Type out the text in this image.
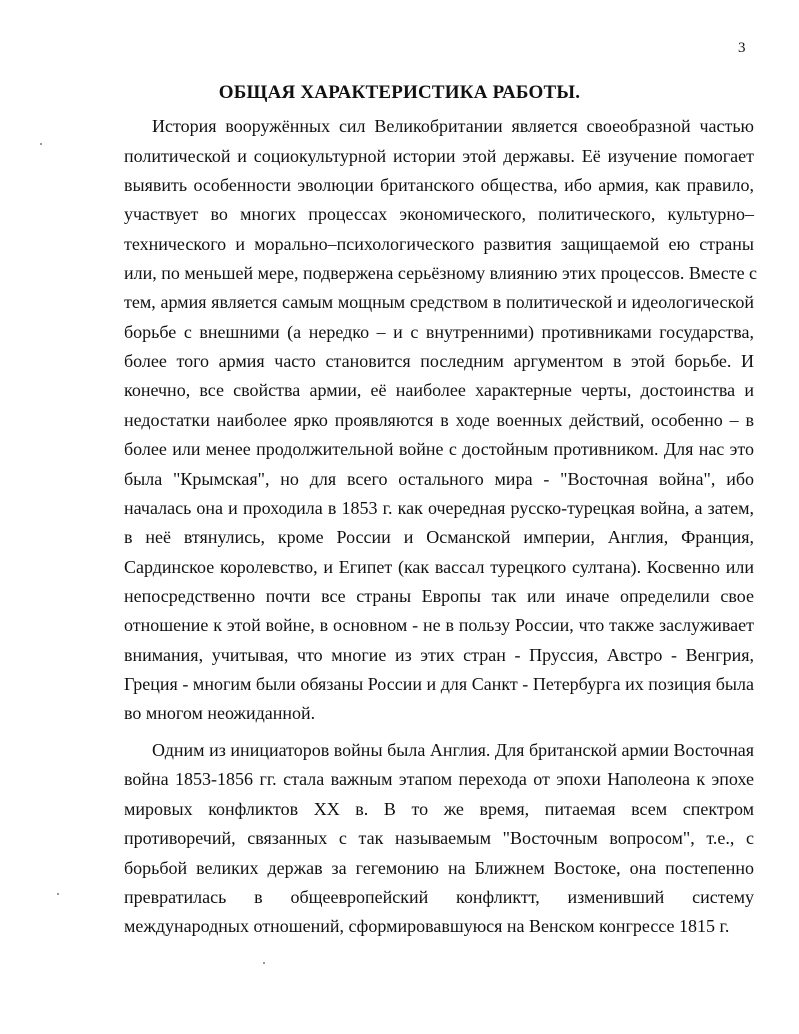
3
ОБЩАЯ ХАРАКТЕРИСТИКА РАБОТЫ.
История вооружённых сил Великобритании является своеобразной частью
политической и социокультурной истории этой державы. Её изучение помогает
выявить особенности эволюции британского общества, ибо армия, как правило,
участвует во многих процессах экономического, политического, культурно–
технического и морально–психологического развития защищаемой ею страны
или, по меньшей мере, подвержена серьёзному влиянию этих процессов. Вместе с
тем, армия является самым мощным средством в политической и идеологической
борьбе с внешними (а нередко – и с внутренними) противниками государства,
более того армия часто становится последним аргументом в этой борьбе. И
конечно, все свойства армии, её наиболее характерные черты, достоинства и
недостатки наиболее ярко проявляются в ходе военных действий, особенно – в
более или менее продолжительной войне с достойным противником. Для нас это
была "Крымская", но для всего остального мира - "Восточная война", ибо
началась она и проходила в 1853 г. как очередная русско-турецкая война, а затем,
в неё втянулись, кроме России и Османской империи, Англия, Франция,
Сардинское королевство, и Египет (как вассал турецкого султана). Косвенно или
непосредственно почти все страны Европы так или иначе определили свое
отношение к этой войне, в основном - не в пользу России, что также заслуживает
внимания, учитывая, что многие из этих стран - Пруссия, Австро - Венгрия,
Греция - многим были обязаны России и для Санкт - Петербурга их позиция была
во многом неожиданной.
Одним из инициаторов войны была Англия. Для британской армии Восточная
война 1853-1856 гг. стала важным этапом перехода от эпохи Наполеона к эпохе
мировых конфликтов XX в. В то же время, питаемая всем спектром
противоречий, связанных с так называемым "Восточным вопросом", т.е., с
борьбой великих держав за гегемонию на Ближнем Востоке, она постепенно
превратилась в общеевропейский конфликтт, изменивший систему
международных отношений, сформировавшуюся на Венском конгрессе 1815 г.
